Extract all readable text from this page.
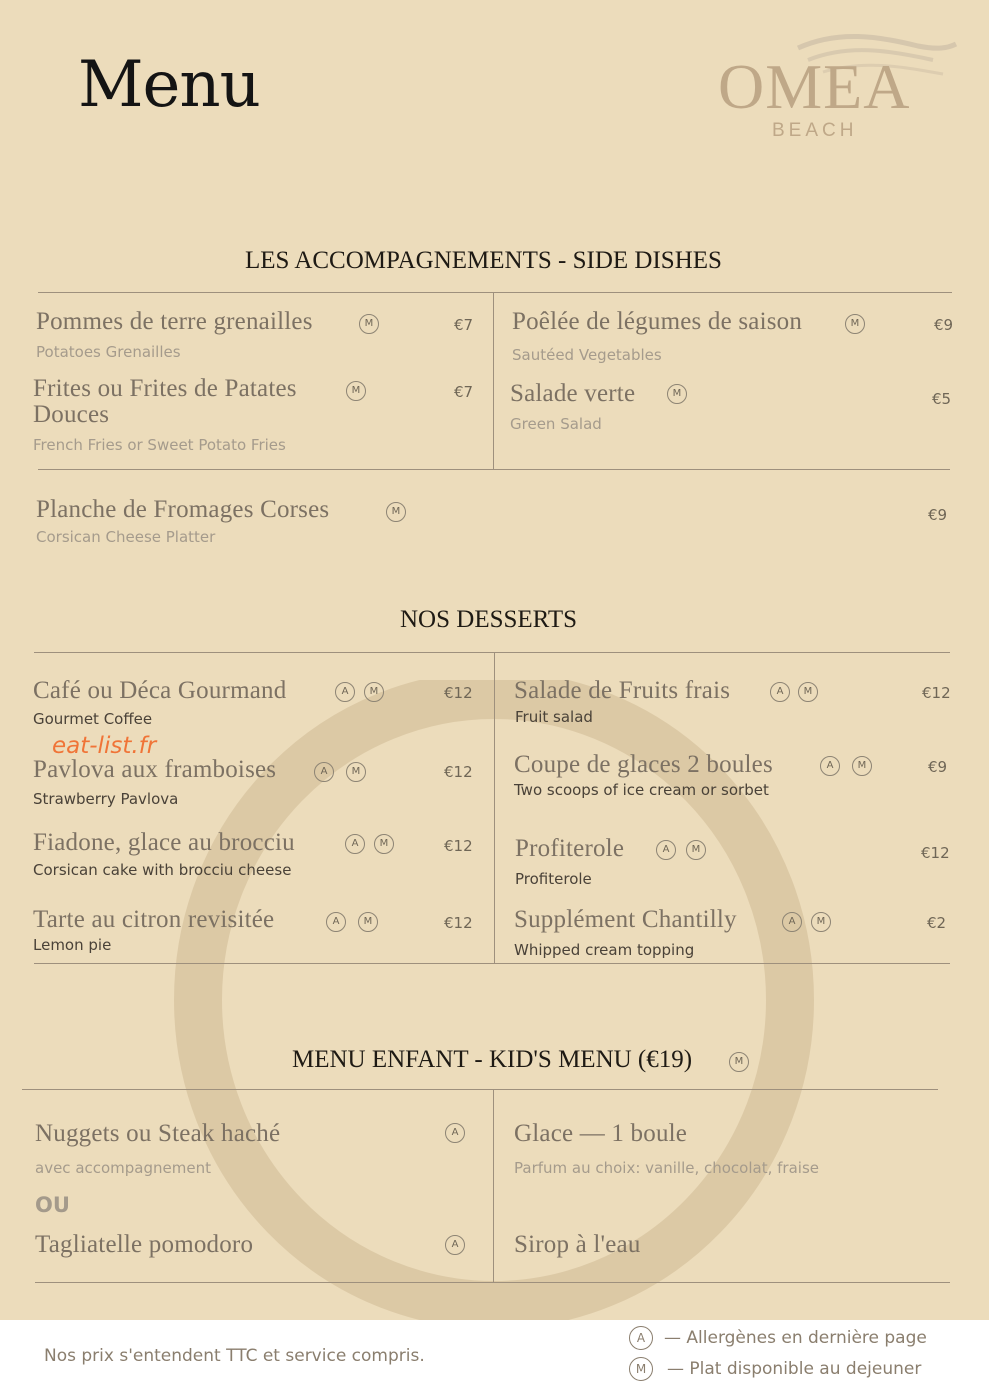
Menu	OMEA
BEACH
LES ACCOMPAGNEMENTS - SIDE DISHES
Pommes de terre grenailles	M	€7
Potatoes Grenailles
Frites ou Frites de Patates Douces
M	€7
French Fries or Sweet Potato Fries
Poêlée de légumes de saison	M	€9
Sautéed Vegetables
Salade verte	M	€5
Green Salad
Planche de Fromages Corses	M	€9
Corsican Cheese Platter
NOS DESSERTS
Café ou Déca Gourmand	A	M	€12
Gourmet Coffee
Pavlova aux framboises	A	M	€12
Strawberry Pavlova
Fiadone, glace au brocciu	A	M	€12
Corsican cake with brocciu cheese
Tarte au citron revisitée	A	M	€12
Lemon pie
Salade de Fruits frais	A	M	€12
Fruit salad
Coupe de glaces 2 boules	A	M	€9
Two scoops of ice cream or sorbet
Profiterole	A	M	€12
Profiterole
Supplément Chantilly	A	M	€2
Whipped cream topping
eat-list.fr
MENU ENFANT - KID'S MENU (€19)	M
Nuggets ou Steak haché	A
avec accompagnement
OU
Tagliatelle pomodoro	A
Glace — 1 boule
Parfum au choix: vanille, chocolat, fraise
Sirop à l'eau
Nos prix s'entendent TTC et service compris.
A	— Allergènes en dernière page
M	— Plat disponible au dejeuner
